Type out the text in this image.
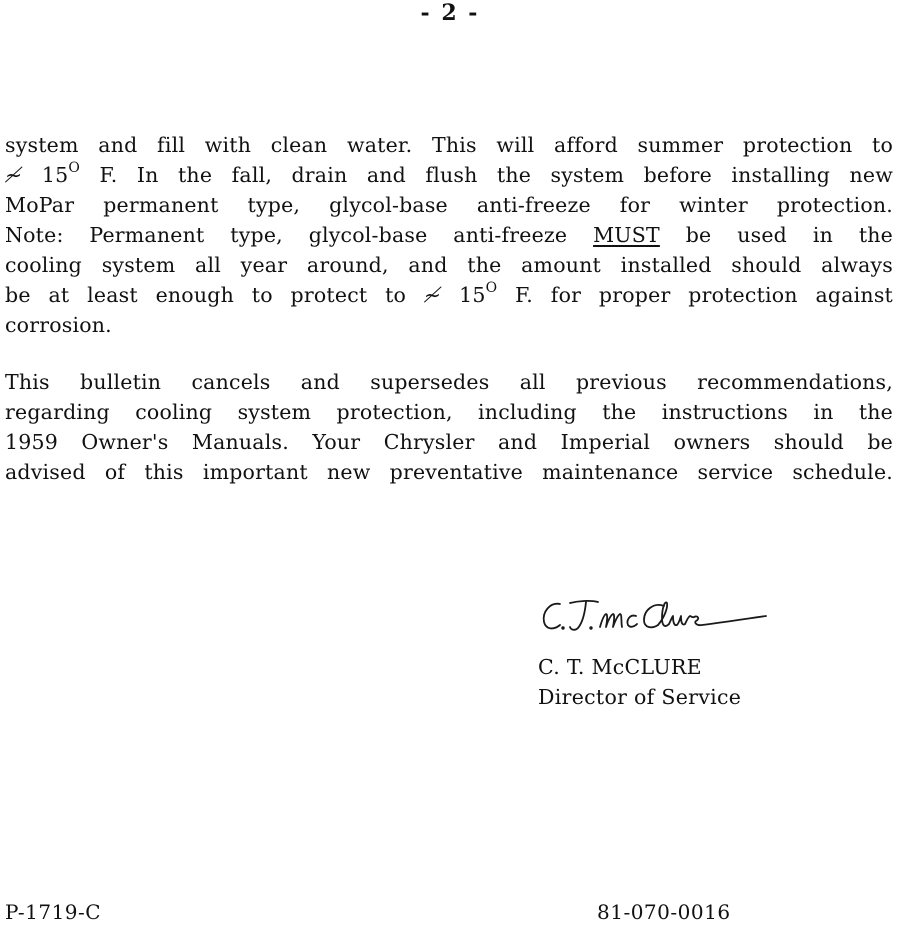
- 2 -
system and fill with clean water. This will afford summer protection to
≁ $15^O$ F. In the fall, drain and flush the system before installing new
MoPar permanent type, glycol-base anti-freeze for winter protection.
Note: Permanent type, glycol-base anti-freeze MUST be used in the
cooling system all year around, and the amount installed should always
be at least enough to protect to ≁ $15^O$ F. for proper protection against
corrosion.
This bulletin cancels and supersedes all previous recommendations,
regarding cooling system protection, including the instructions in the
1959 Owner's Manuals. Your Chrysler and Imperial owners should be
advised of this important new preventative maintenance service schedule.
C. T. McCLURE
Director of Service
P-1719-C	81-070-0016
